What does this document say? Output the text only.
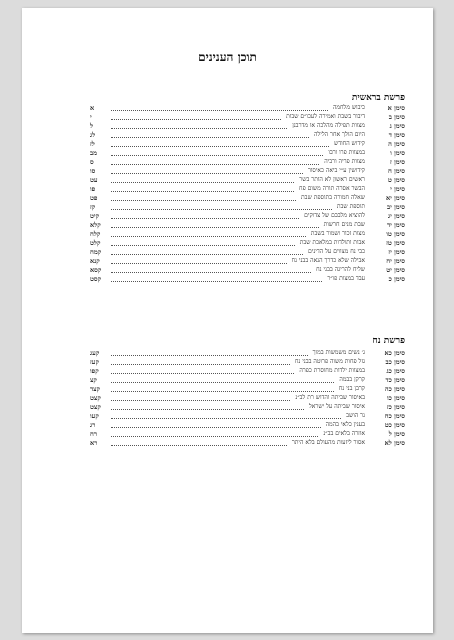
תוכן הענינים
פרשת בראשית
סימן א
כיבוש מלחמה
א
סימן ב
דיבור בשבת ואמירה לעכו״ם שבות
י
סימן ג
מצוות תפילה מהלכה או מדרבנן
ל
סימן ד
היום הולך אחר הלילה
לג
סימן ה
קידוש החודש
לז
סימן ו
במצוות פרו ורבו
מב
סימן ז
מצוות פריה ורביה
ס
סימן ח
קידושין ע״י ביאה כאיסור
סו
סימן ט
ראשים ראשון לא הותר בשר
עט
סימן י
הבשר אסרה תורה משום פח
פו
סימן יא
שאלה חמורה בתוספת שבת
פט
סימן יב
תוספת שבת
קז
סימן יג
להוציא מלבבם של צדוקים
קיט
סימן יד
שבת מנים חרשות
קלא
סימן טו
מצות זכור ושמור בשבת
קלח
סימן טז
אבות ותולדות במלאכת שבת
קלט
סימן יז
כבי נח מצווים על הדינים
קמח
סימן יח
אבילה שלא כדרך הנאה בבני נח
קנא
סימן יט
שליח להריגה בבני נח
קסא
סימן כ
עבד במצות פו״ר
קסט
פרשת נח
סימן כא
ג׳ נשים משמשות במוך
קעג
סימן כב
גזל פחות משוה פרוטה בבני נח
קעז
סימן כג
במצוות ילדות מחוסרת כפרה
קפו
סימן כד
קרקן בבמה
קצ
סימן כה
קרבן בני נח
קצד
סימן כו
באיסור שביתה והדוש רת לב״נ
קצט
סימן כז
איסור שביתה על ישראל
קצט
סימן כח
נר הושב
קעו
סימן כט
בענין כלאי בהמה
רג
סימן ל
אוזרה בלאים בב״נ
רח
סימן לא
אסור ליזעות מהעולם בלא היתר
רא
